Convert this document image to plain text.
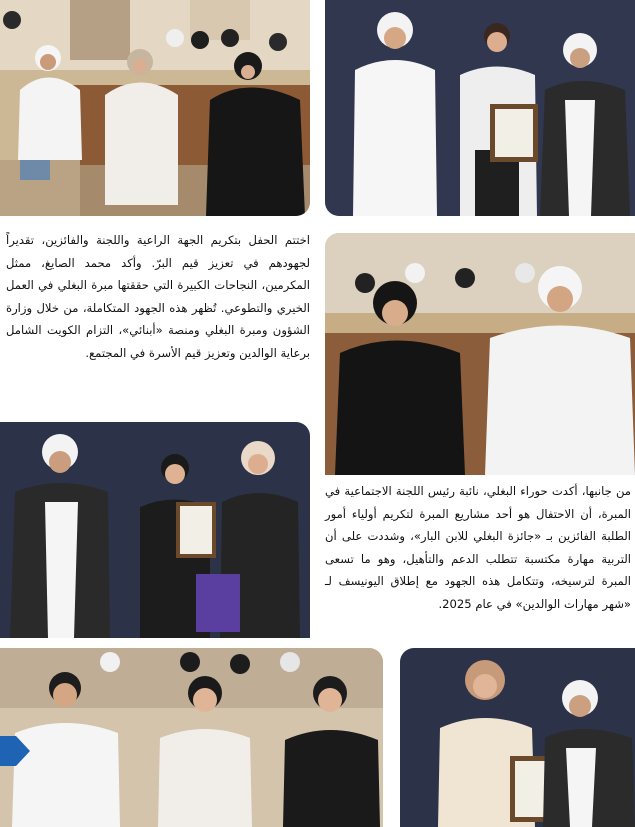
اختتم الحفل بتكريم الجهة الراعية واللجنة والفائزين، تقديراً لجهودهم في تعزيز قيم البرّ. وأكد محمد الصايغ، ممثل المكرمين، النجاحات الكبيرة التي حققتها مبرة البغلي في العمل الخيري والتطوعي. تُظهر هذه الجهود المتكاملة، من خلال وزارة الشؤون ومبرة البغلي ومنصة «أبنائي»، التزام الكويت الشامل برعاية الوالدين وتعزيز قيم الأسرة في المجتمع.

من جانبها، أكدت حوراء البغلي، نائبة رئيس اللجنة الاجتماعية في المبرة، أن الاحتفال هو أحد مشاريع المبرة لتكريم أولياء أمور الطلبة الفائزين بـ «جائزة البغلي للابن البار»، وشددت على أن التربية مهارة مكتسبة تتطلب الدعم والتأهيل، وهو ما تسعى المبرة لترسيخه، وتتكامل هذه الجهود مع إطلاق اليونيسف لـ «شهر مهارات الوالدين» في عام 2025.
